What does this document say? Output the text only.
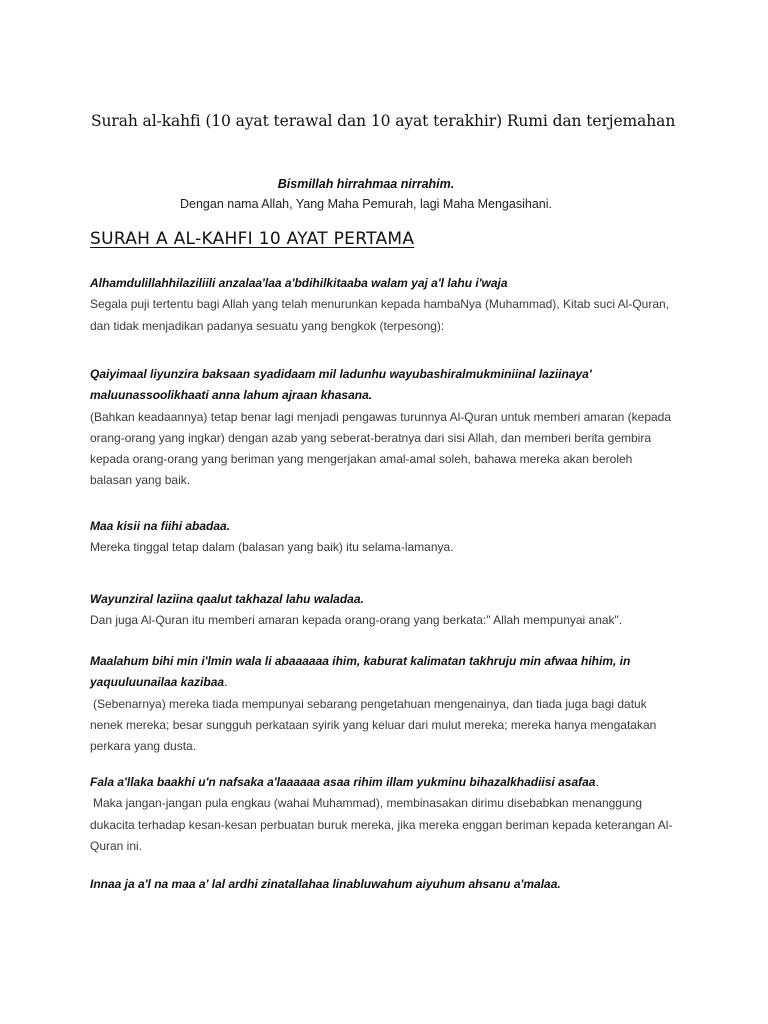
Surah al-kahfi (10 ayat terawal dan 10 ayat terakhir) Rumi dan terjemahan
Bismillah hirrahmaa nirrahim.
Dengan nama Allah, Yang Maha Pemurah, lagi Maha Mengasihani.
SURAH A AL-KAHFI 10 AYAT PERTAMA
Alhamdulillahhilaziliili anzalaa'laa a'bdihilkitaaba walam yaj a'l lahu i'waja
Segala puji tertentu bagi Allah yang telah menurunkan kepada hambaNya (Muhammad), Kitab suci Al-Quran, dan tidak menjadikan padanya sesuatu yang bengkok (terpesong):
Qaiyimaal liyunzira baksaan syadidaam mil ladunhu wayubashiralmukminiinal laziinaya' maluunassoolikhaati anna lahum ajraan khasana.
(Bahkan keadaannya) tetap benar lagi menjadi pengawas turunnya Al-Quran untuk memberi amaran (kepada orang-orang yang ingkar) dengan azab yang seberat-beratnya dari sisi Allah, dan memberi berita gembira kepada orang-orang yang beriman yang mengerjakan amal-amal soleh, bahawa mereka akan beroleh balasan yang baik.
Maa kisii na fiihi abadaa.
Mereka tinggal tetap dalam (balasan yang baik) itu selama-lamanya.
Wayunziral laziina qaalut takhazal lahu waladaa.
Dan juga Al-Quran itu memberi amaran kepada orang-orang yang berkata:" Allah mempunyai anak".
Maalahum bihi min i'lmin wala li abaaaaaa ihim, kaburat kalimatan takhruju min afwaa hihim, in yaquuluunailaa kazibaa.
(Sebenarnya) mereka tiada mempunyai sebarang pengetahuan mengenainya, dan tiada juga bagi datuk nenek mereka; besar sungguh perkataan syirik yang keluar dari mulut mereka; mereka hanya mengatakan perkara yang dusta.
Fala a'llaka baakhi u'n nafsaka a'laaaaaa asaa rihim illam yukminu bihazalkhadiisi asafaa.
Maka jangan-jangan pula engkau (wahai Muhammad), membinasakan dirimu disebabkan menanggung dukacita terhadap kesan-kesan perbuatan buruk mereka, jika mereka enggan beriman kepada keterangan Al-Quran ini.
Innaa ja a'l na maa a' lal ardhi zinatallahaa linabluwahum aiyuhum ahsanu a'malaa.
